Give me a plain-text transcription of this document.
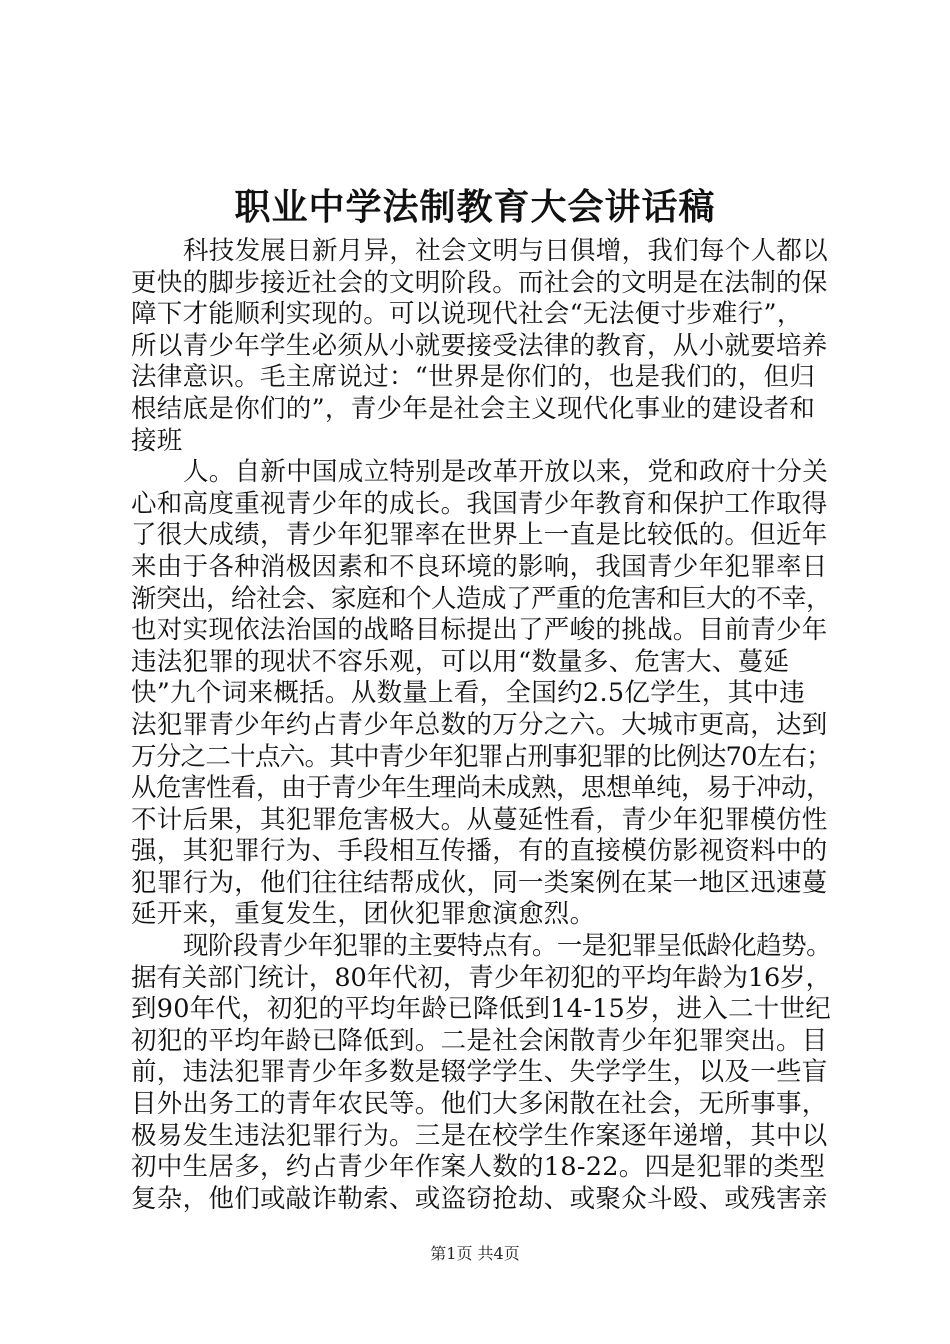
职业中学法制教育大会讲话稿
科技发展日新月异，社会文明与日俱增，我们每个人都以
更快的脚步接近社会的文明阶段。而社会的文明是在法制的保
障下才能顺利实现的。可以说现代社会“无法便寸步难行”，
所以青少年学生必须从小就要接受法律的教育，从小就要培养
法律意识。毛主席说过：“世界是你们的，也是我们的，但归
根结底是你们的”，青少年是社会主义现代化事业的建设者和
接班
人。自新中国成立特别是改革开放以来，党和政府十分关
心和高度重视青少年的成长。我国青少年教育和保护工作取得
了很大成绩，青少年犯罪率在世界上一直是比较低的。但近年
来由于各种消极因素和不良环境的影响，我国青少年犯罪率日
渐突出，给社会、家庭和个人造成了严重的危害和巨大的不幸，
也对实现依法治国的战略目标提出了严峻的挑战。目前青少年
违法犯罪的现状不容乐观，可以用“数量多、危害大、蔓延
快”九个词来概括。从数量上看，全国约2.5亿学生，其中违
法犯罪青少年约占青少年总数的万分之六。大城市更高，达到
万分之二十点六。其中青少年犯罪占刑事犯罪的比例达70左右；
从危害性看，由于青少年生理尚未成熟，思想单纯，易于冲动，
不计后果，其犯罪危害极大。从蔓延性看，青少年犯罪模仿性
强，其犯罪行为、手段相互传播，有的直接模仿影视资料中的
犯罪行为，他们往往结帮成伙，同一类案例在某一地区迅速蔓
延开来，重复发生，团伙犯罪愈演愈烈。
现阶段青少年犯罪的主要特点有。一是犯罪呈低龄化趋势。
据有关部门统计，80年代初，青少年初犯的平均年龄为16岁，
到90年代，初犯的平均年龄已降低到14-15岁，进入二十世纪
初犯的平均年龄已降低到。二是社会闲散青少年犯罪突出。目
前，违法犯罪青少年多数是辍学学生、失学学生，以及一些盲
目外出务工的青年农民等。他们大多闲散在社会，无所事事，
极易发生违法犯罪行为。三是在校学生作案逐年递增，其中以
初中生居多，约占青少年作案人数的18-22。四是犯罪的类型
复杂，他们或敲诈勒索、或盗窃抢劫、或聚众斗殴、或残害亲
第1页 共4页
